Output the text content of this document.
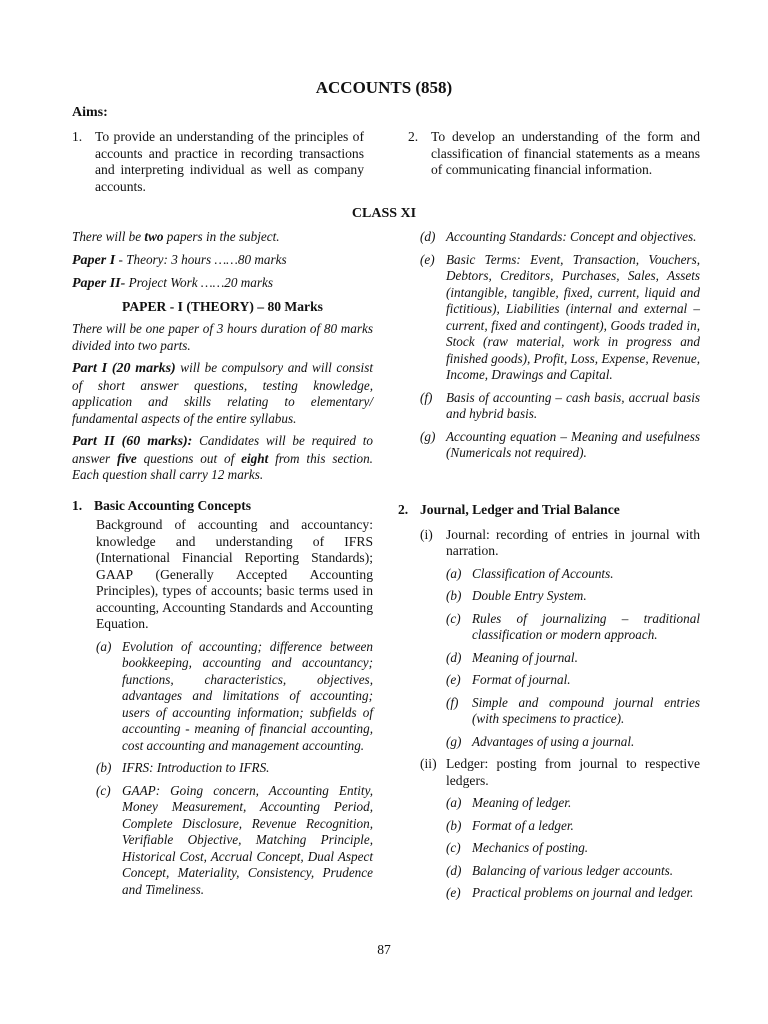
ACCOUNTS (858)
Aims:
1. To provide an understanding of the principles of accounts and practice in recording transactions and interpreting individual as well as company accounts.
2. To develop an understanding of the form and classification of financial statements as a means of communicating financial information.
CLASS XI

There will be two papers in the subject.

Paper I - Theory: 3 hours ……80 marks

Paper II- Project Work ……20 marks

PAPER - I (THEORY) – 80 Marks

There will be one paper of 3 hours duration of 80 marks divided into two parts.

Part I (20 marks) will be compulsory and will consist of short answer questions, testing knowledge, application and skills relating to elementary/ fundamental aspects of the entire syllabus.

Part II (60 marks): Candidates will be required to answer five questions out of eight from this section. Each question shall carry 12 marks.

1. Basic Accounting Concepts

Background of accounting and accountancy: knowledge and understanding of IFRS (International Financial Reporting Standards); GAAP (Generally Accepted Accounting Principles), types of accounts; basic terms used in accounting, Accounting Standards and Accounting Equation.

(a) Evolution of accounting; difference between bookkeeping, accounting and accountancy; functions, characteristics, objectives, advantages and limitations of accounting; users of accounting information; subfields of accounting - meaning of financial accounting, cost accounting and management accounting.
(b) IFRS: Introduction to IFRS.
(c) GAAP: Going concern, Accounting Entity, Money Measurement, Accounting Period, Complete Disclosure, Revenue Recognition, Verifiable Objective, Matching Principle, Historical Cost, Accrual Concept, Dual Aspect Concept, Materiality, Consistency, Prudence and Timeliness.
(d) Accounting Standards: Concept and objectives.
(e) Basic Terms: Event, Transaction, Vouchers, Debtors, Creditors, Purchases, Sales, Assets (intangible, tangible, fixed, current, liquid and fictitious), Liabilities (internal and external – current, fixed and contingent), Goods traded in, Stock (raw material, work in progress and finished goods), Profit, Loss, Expense, Revenue, Income, Drawings and Capital.
(f) Basis of accounting – cash basis, accrual basis and hybrid basis.
(g) Accounting equation – Meaning and usefulness (Numericals not required).

2. Journal, Ledger and Trial Balance

(i) Journal: recording of entries in journal with narration.
(a) Classification of Accounts.
(b) Double Entry System.
(c) Rules of journalizing – traditional classification or modern approach.
(d) Meaning of journal.
(e) Format of journal.
(f) Simple and compound journal entries (with specimens to practice).
(g) Advantages of using a journal.
(ii) Ledger: posting from journal to respective ledgers.
(a) Meaning of ledger.
(b) Format of a ledger.
(c) Mechanics of posting.
(d) Balancing of various ledger accounts.
(e) Practical problems on journal and ledger.
87
